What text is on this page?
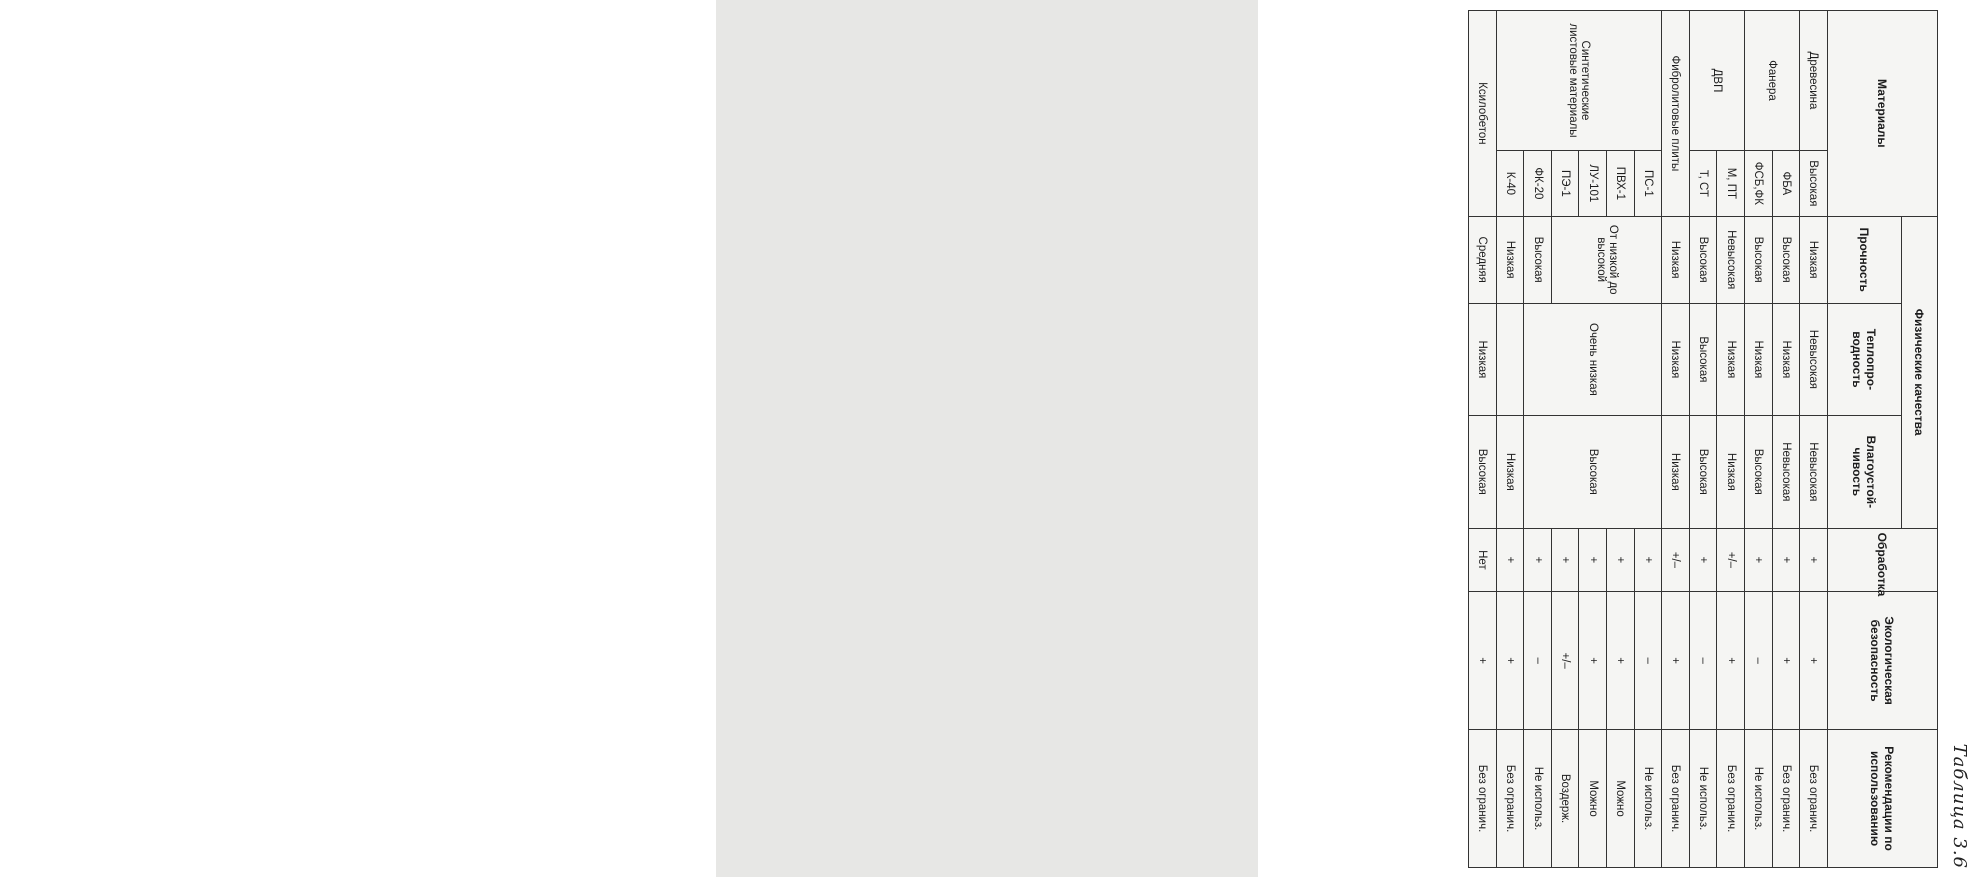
Таблица 3.6
Материалы		Физические качества			Обработка	Экологическая безопасность	Рекомендации по использованию
		Прочность	Теплопро-водность	Влагоустой-чивость			
Древесина	Высокая	Низкая	Невысокая	Невысокая	+	+	Без огранич.
Фанера	ФБА	Высокая	Низкая	Невысокая	+	+	Без огранич.
	ФСБ,ФК	Высокая	Низкая	Высокая	+	–	Не использ.
ДВП	М, ПТ	Невысокая	Низкая	Низкая	+/–	+	Без огранич.
	Т, СТ	Высокая	Высокая	Высокая	+	–	Не использ.
Фибролитовые плиты		Низкая	Низкая	Низкая	+/–	+	Без огранич.
Синтетические листовые материалы	ПС-1	От низкой до высокой	Очень низкая	Высокая	+	–	Не использ.
	ПВХ-1				+	+	Можно
	ЛУ-101				+	+	Можно
	ПЭ-1				+	+/–	Воздерж.
	ФК-20	Высокая			+	–	Не использ.
	К-40	Низкая		Низкая	+	+	Без огранич.
Ксилобетон		Средняя	Низкая	Высокая	Нет	+	Без огранич.
